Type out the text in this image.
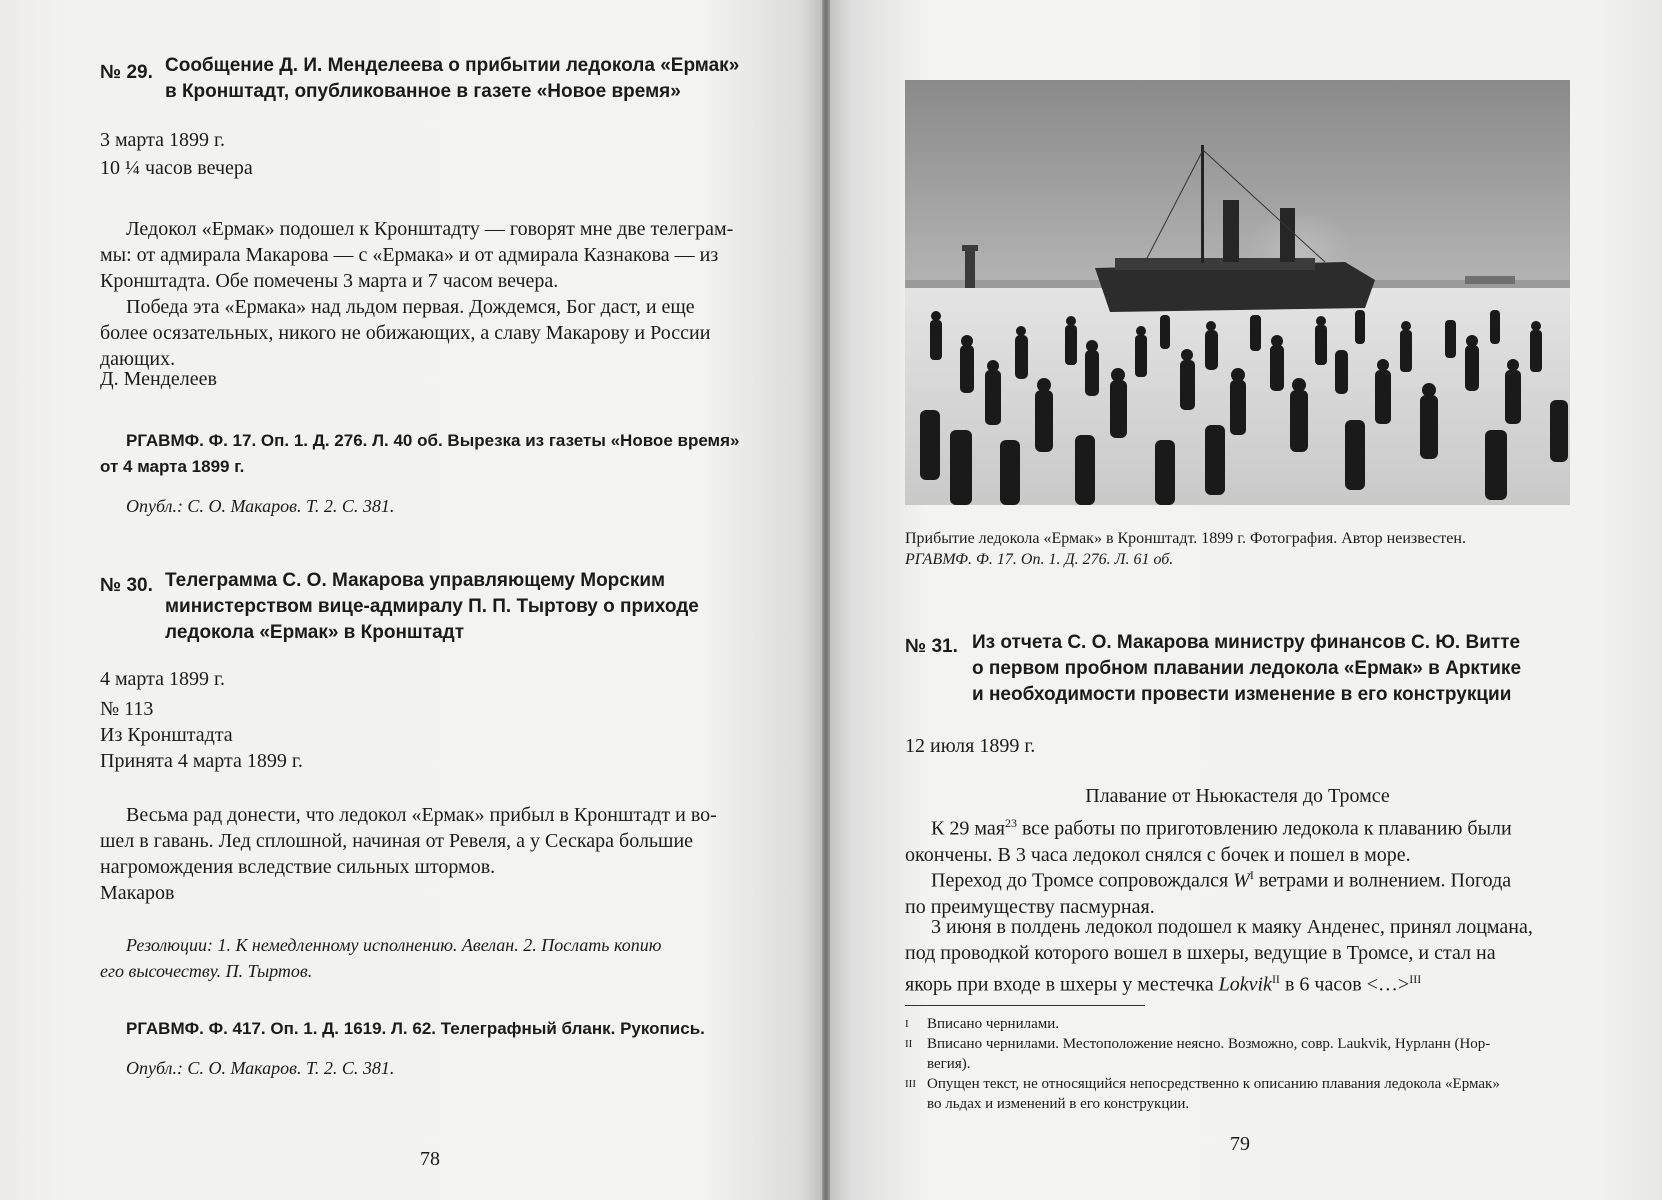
№ 29. Сообщение Д. И. Менделеева о прибытии ледокола «Ермак»
в Кронштадт, опубликованное в газете «Новое время»
3 марта 1899 г.
10 ¼ часов вечера
Ледокол «Ермак» подошел к Кронштадту — говорят мне две телеграм-
мы: от адмирала Макарова — с «Ермака» и от адмирала Казнакова — из
Кронштадта. Обе помечены 3 марта и 7 часом вечера.
Победа эта «Ермака» над льдом первая. Дождемся, Бог даст, и еще
более осязательных, никого не обижающих, а славу Макарову и России
дающих.
Д. Менделеев
РГАВМФ. Ф. 17. Оп. 1. Д. 276. Л. 40 об. Вырезка из газеты «Новое время»
от 4 марта 1899 г.
Опубл.: С. О. Макаров. Т. 2. С. 381.
№ 30. Телеграмма С. О. Макарова управляющему Морским
министерством вице-адмиралу П. П. Тыртову о приходе
ледокола «Ермак» в Кронштадт
4 марта 1899 г.
№ 113
Из Кронштадта
Принята 4 марта 1899 г.
Весьма рад донести, что ледокол «Ермак» прибыл в Кронштадт и во-
шел в гавань. Лед сплошной, начиная от Ревеля, а у Сескара большие
нагромождения вследствие сильных штормов.
Макаров
Резолюции: 1. К немедленному исполнению. Авелан. 2. Послать копию
его высочеству. П. Тыртов.
РГАВМФ. Ф. 417. Оп. 1. Д. 1619. Л. 62. Телеграфный бланк. Рукопись.
Опубл.: С. О. Макаров. Т. 2. С. 381.
78
Прибытие ледокола «Ермак» в Кронштадт. 1899 г. Фотография. Автор неизвестен.
РГАВМФ. Ф. 17. Оп. 1. Д. 276. Л. 61 об.
№ 31. Из отчета С. О. Макарова министру финансов С. Ю. Витте
о первом пробном плавании ледокола «Ермак» в Арктике
и необходимости провести изменение в его конструкции
12 июля 1899 г.
Плавание от Ньюкастеля до Тромсе
К 29 мая$^{23}$ все работы по приготовлению ледокола к плаванию были
окончены. В 3 часа ледокол снялся с бочек и пошел в море.
Переход до Тромсе сопровождался $W^I$ ветрами и волнением. Погода
по преимуществу пасмурная.
3 июня в полдень ледокол подошел к маяку Анденес, принял лоцмана,
под проводкой которого вошел в шхеры, ведущие в Тромсе, и стал на
якорь при входе в шхеры у местечка Lokvik$^{II}$ в 6 часов <…>$^{III}$
I Вписано чернилами.
II Вписано чернилами. Местоположение неясно. Возможно, совр. Laukvik, Нурланн (Нор-
вегия).
III Опущен текст, не относящийся непосредственно к описанию плавания ледокола «Ермак»
во льдах и изменений в его конструкции.
79
